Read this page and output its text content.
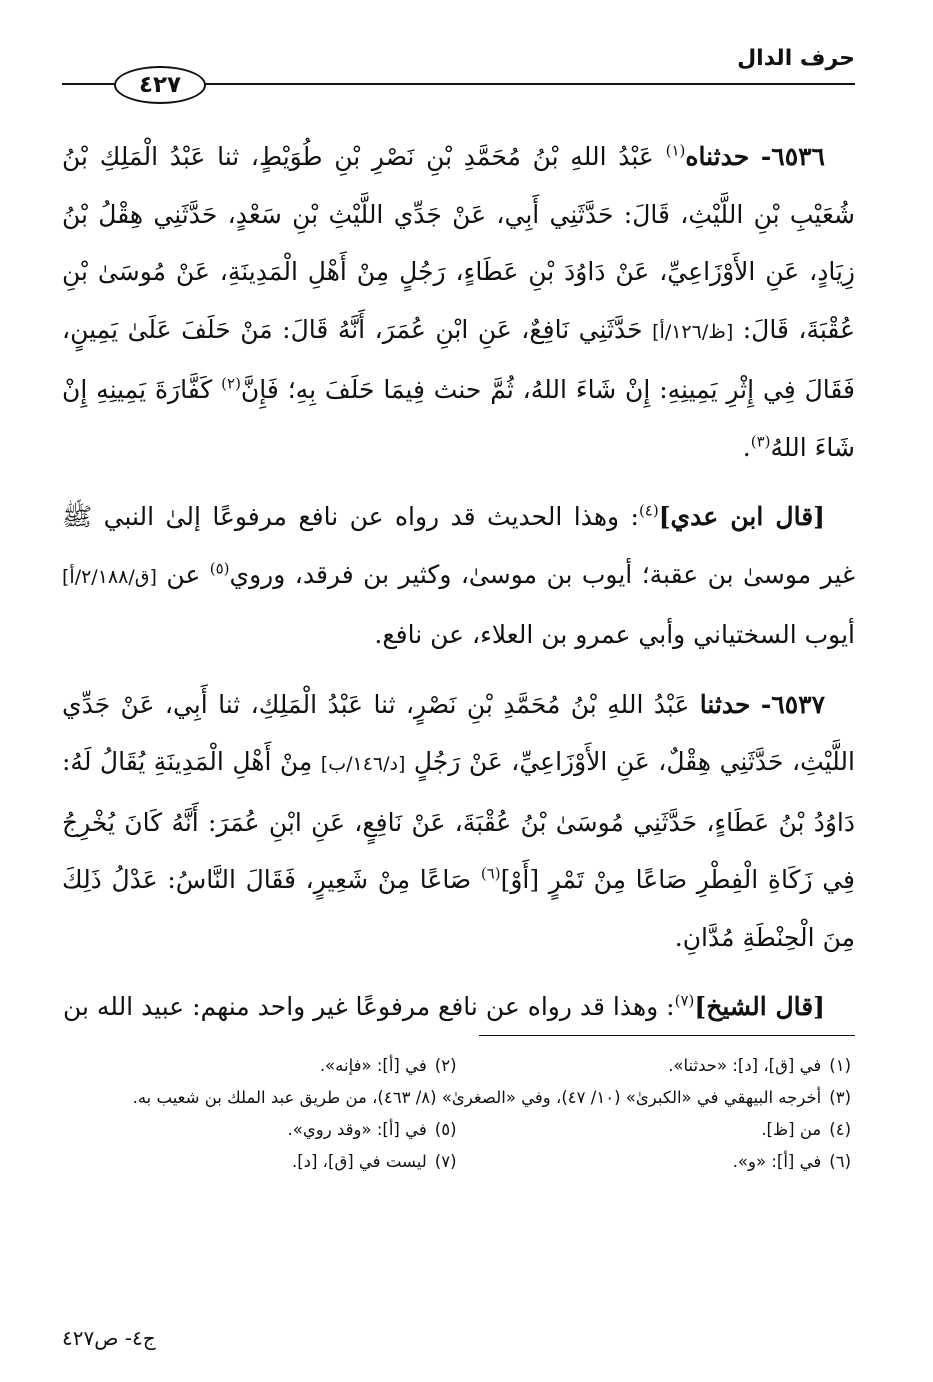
حرف الدال
٤٢٧

٦٥٣٦- حدثناه$^{(١)}$ عَبْدُ اللهِ بْنُ مُحَمَّدِ بْنِ نَصْرِ بْنِ طُوَيْطٍ، ثنا عَبْدُ الْمَلِكِ بْنُ شُعَيْبِ بْنِ اللَّيْثِ، قَالَ: حَدَّثَنِي أَبِي، عَنْ جَدِّي اللَّيْثِ بْنِ سَعْدٍ، حَدَّثَنِي هِقْلُ بْنُ زِيَادٍ، عَنِ الأَوْزَاعِيِّ، عَنْ دَاوُدَ بْنِ عَطَاءٍ، رَجُلٍ مِنْ أَهْلِ الْمَدِينَةِ، عَنْ مُوسَىٰ بْنِ عُقْبَةَ، قَالَ: [ظ/١٢٦/أ] حَدَّثَنِي نَافِعٌ، عَنِ ابْنِ عُمَرَ، أَنَّهُ قَالَ: مَنْ حَلَفَ عَلَىٰ يَمِينٍ، فَقَالَ فِي إِثْرِ يَمِينِهِ: إِنْ شَاءَ اللهُ، ثُمَّ حنث فِيمَا حَلَفَ بِهِ؛ فَإِنَّ$^{(٢)}$ كَفَّارَةَ يَمِينِهِ إِنْ شَاءَ اللهُ$^{(٣)}$.

[قال ابن عدي]$^{(٤)}$: وهذا الحديث قد رواه عن نافع مرفوعًا إلىٰ النبي ﷺ غير موسىٰ بن عقبة؛ أيوب بن موسىٰ، وكثير بن فرقد، وروي$^{(٥)}$ عن [ق/٢/١٨٨/أ] أيوب السختياني وأبي عمرو بن العلاء، عن نافع.

٦٥٣٧- حدثنا عَبْدُ اللهِ بْنُ مُحَمَّدِ بْنِ نَصْرٍ، ثنا عَبْدُ الْمَلِكِ، ثنا أَبِي، عَنْ جَدِّي اللَّيْثِ، حَدَّثَنِي هِقْلٌ، عَنِ الأَوْزَاعِيِّ، عَنْ رَجُلٍ [د/١٤٦/ب] مِنْ أَهْلِ الْمَدِينَةِ يُقَالُ لَهُ: دَاوُدُ بْنُ عَطَاءٍ، حَدَّثَنِي مُوسَىٰ بْنُ عُقْبَةَ، عَنْ نَافِعٍ، عَنِ ابْنِ عُمَرَ: أَنَّهُ كَانَ يُخْرِجُ فِي زَكَاةِ الْفِطْرِ صَاعًا مِنْ تَمْرٍ [أَوْ]$^{(٦)}$ صَاعًا مِنْ شَعِيرٍ، فَقَالَ النَّاسُ: عَدْلُ ذَلِكَ مِنَ الْحِنْطَةِ مُدَّانِ.

[قال الشيخ]$^{(٧)}$: وهذا قد رواه عن نافع مرفوعًا غير واحد منهم: عبيد الله بن

(١)في [ق]، [د]: «حدثنا».
(٢)في [أ]: «فإنه».
(٣)أخرجه البيهقي في «الكبرىٰ» (١٠/ ٤٧)، وفي «الصغرىٰ» (٨/ ٤٦٣)، من طريق عبد الملك بن شعيب به.
(٤)من [ظ].
(٥)في [أ]: «وقد روي».
(٦)في [أ]: «و».
(٧)ليست في [ق]، [د].
ج٤- ص٤٢٧
